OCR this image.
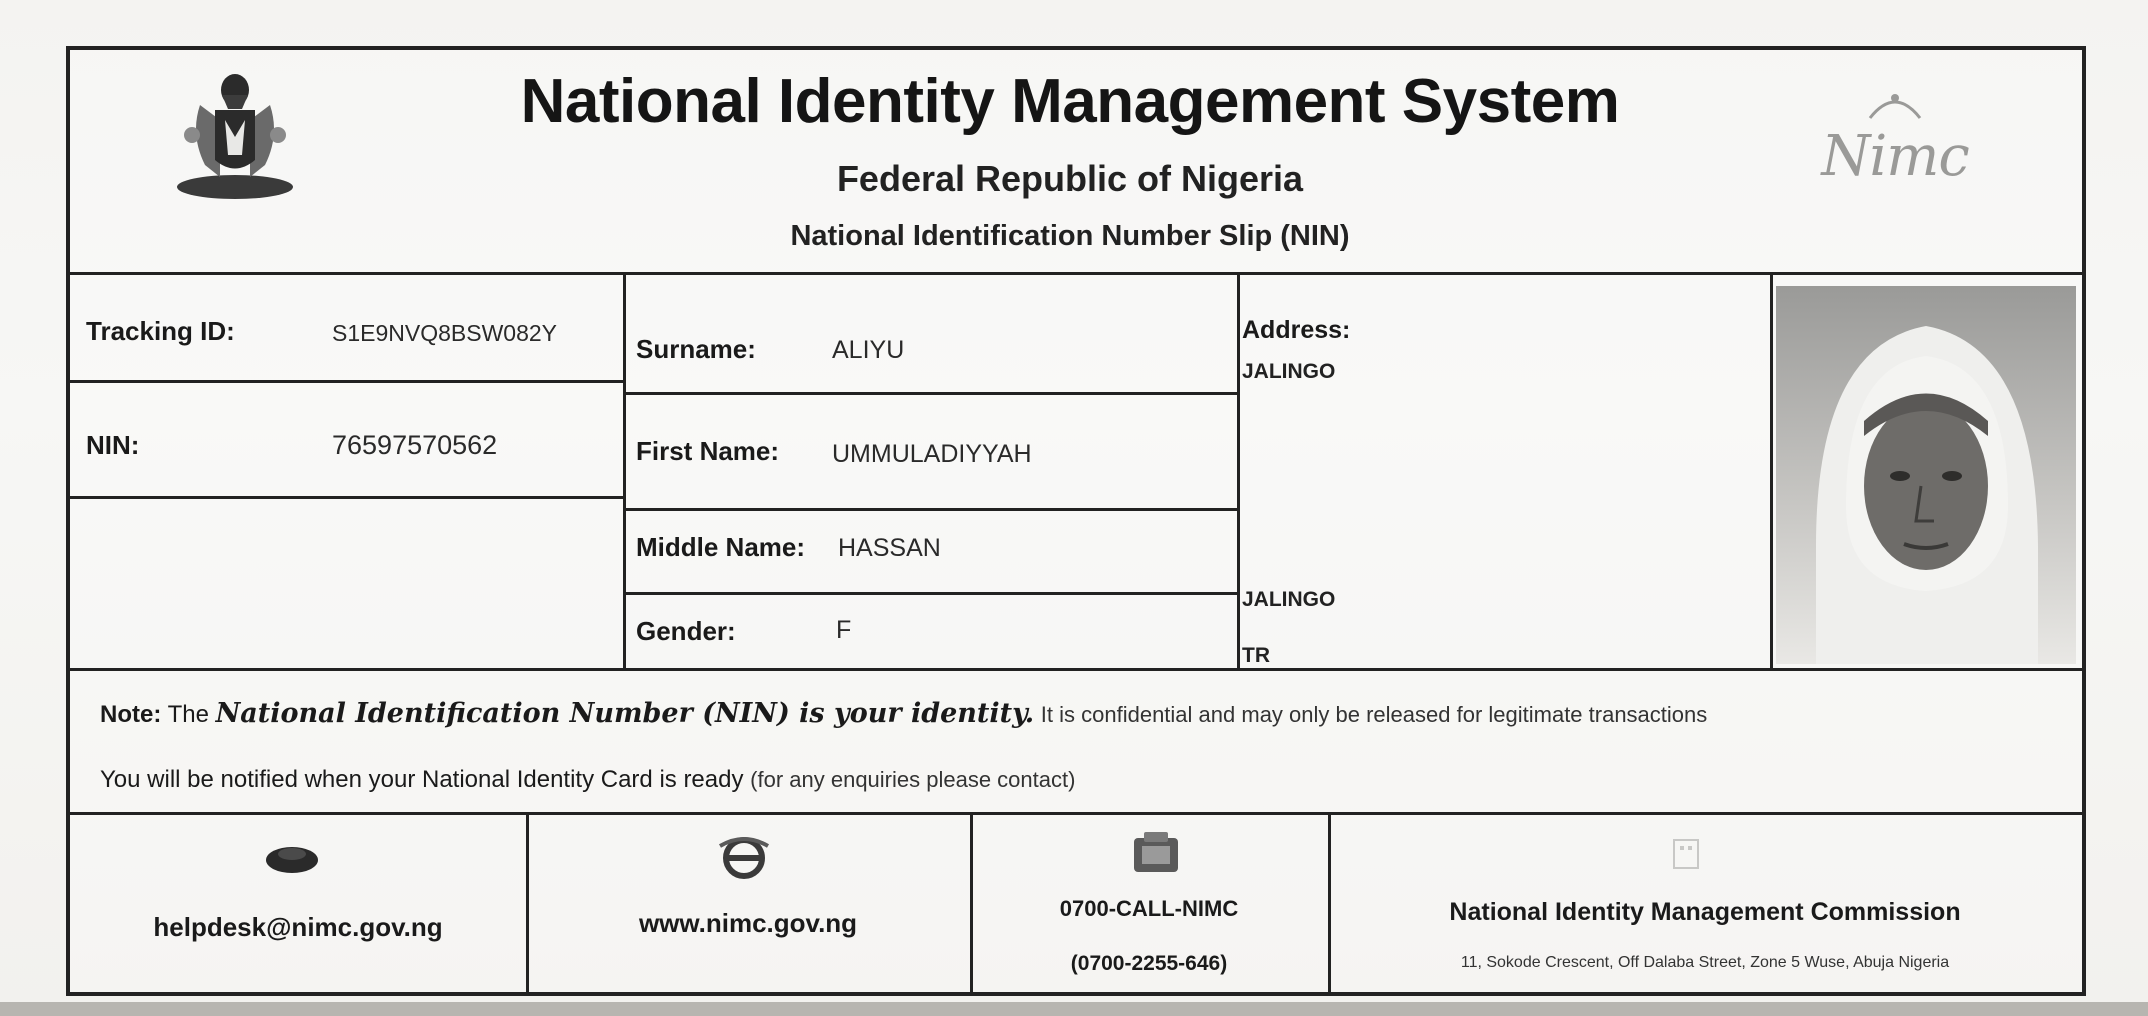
National Identity Management System
Federal Republic of Nigeria
National Identification Number Slip (NIN)
Nimc
Tracking ID:	S1E9NVQ8BSW082Y
NIN:	76597570562
Surname:	ALIYU
First Name: UMMULADIYYAH
Middle Name: HASSAN
Gender:	F
Address:
JALINGO
JALINGO
TR
Note: The National Identification Number (NIN) is your identity. It is confidential and may only be released for legitimate transactions
You will be notified when your National Identity Card is ready (for any enquiries please contact)
helpdesk@nimc.gov.ng	www.nimc.gov.ng	0700-CALL-NIMC
(0700-2255-646)
National Identity Management Commission
11, Sokode Crescent, Off Dalaba Street, Zone 5 Wuse, Abuja Nigeria
